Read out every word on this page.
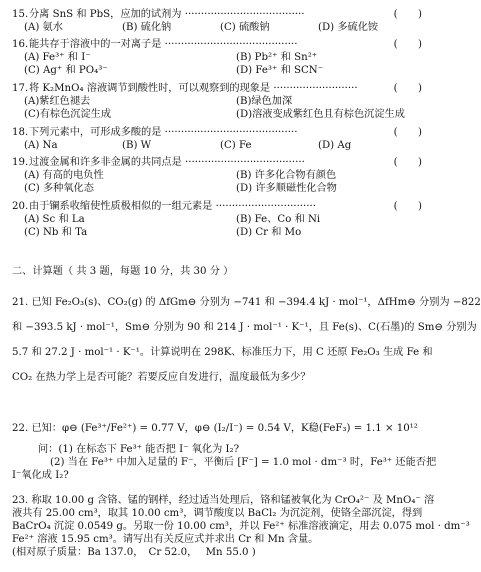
15.分离 SnS 和 PbS，应加的试剂为 ·····································	(　　)
(A) 氨水	(B) 硫化钠	(C) 硫酸钠	(D) 多硫化铵
16.能共存于溶液中的一对离子是 ·········································	(　　)
(A) Fe³⁺ 和 I⁻	(B) Pb²⁺ 和 Sn²⁺
(C) Ag⁺ 和 PO₄³⁻	(D) Fe³⁺ 和 SCN⁻
17.将 K₂MnO₄ 溶液调节到酸性时，可以观察到的现象是 ··························	(　　)
(A)紫红色褪去	(B)绿色加深
(C)有棕色沉淀生成	(D)溶液变成紫红色且有棕色沉淀生成
18.下列元素中，可形成多酸的是 ·········································	(　　)
(A) Na	(B) W	(C) Fe	(D) Ag
19.过渡金属和许多非金属的共同点是 ·····································	(　　)
(A) 有高的电负性	(B) 许多化合物有颜色
(C) 多种氧化态	(D) 许多顺磁性化合物
20.由于镧系收缩使性质极相似的一组元素是 ·······························	(　　)
(A) Sc 和 La	(B) Fe、Co 和 Ni
(C) Nb 和 Ta	(D) Cr 和 Mo
二、计算题（ 共 3 题，每题 10 分，共 30 分 ）
21. 已知 Fe₂O₃(s)、CO₂(g) 的 ΔfGm⊖ 分别为 −741 和 −394.4 kJ · mol⁻¹，ΔfHm⊖ 分别为 −822
和 −393.5 kJ · mol⁻¹，Sm⊖ 分别为 90 和 214 J · mol⁻¹ · K⁻¹，且 Fe(s)、C(石墨)的 Sm⊖ 分别为
5.7 和 27.2 J · mol⁻¹ · K⁻¹。计算说明在 298K、标准压力下，用 C 还原 Fe₂O₃ 生成 Fe 和
CO₂ 在热力学上是否可能？若要反应自发进行，温度最低为多少？
22. 已知：φ⊖ (Fe³⁺/Fe²⁺) = 0.77 V，φ⊖ (I₂/I⁻) = 0.54 V，K稳(FeF₃) = 1.1 × 10¹²
问：(1) 在标态下 Fe³⁺ 能否把 I⁻ 氧化为 I₂?
(2) 当在 Fe³⁺ 中加入足量的 F⁻，平衡后 [F⁻] = 1.0 mol · dm⁻³ 时，Fe³⁺ 还能否把
I⁻氧化成 I₂?
23. 称取 10.00 g 含铬、锰的钢样，经过适当处理后，铬和锰被氧化为 CrO₄²⁻ 及 MnO₄⁻ 溶
液共有 25.00 cm³，取其 10.00 cm³，调节酸度以 BaCl₂ 为沉淀剂，使铬全部沉淀，得到
BaCrO₄ 沉淀 0.0549 g。另取一份 10.00 cm³，并以 Fe²⁺ 标准溶液滴定，用去 0.075 mol · dm⁻³
Fe²⁺ 溶液 15.95 cm³。请写出有关反应式并求出 Cr 和 Mn 含量。
(相对原子质量：Ba 137.0，　Cr 52.0，　 Mn 55.0 )
